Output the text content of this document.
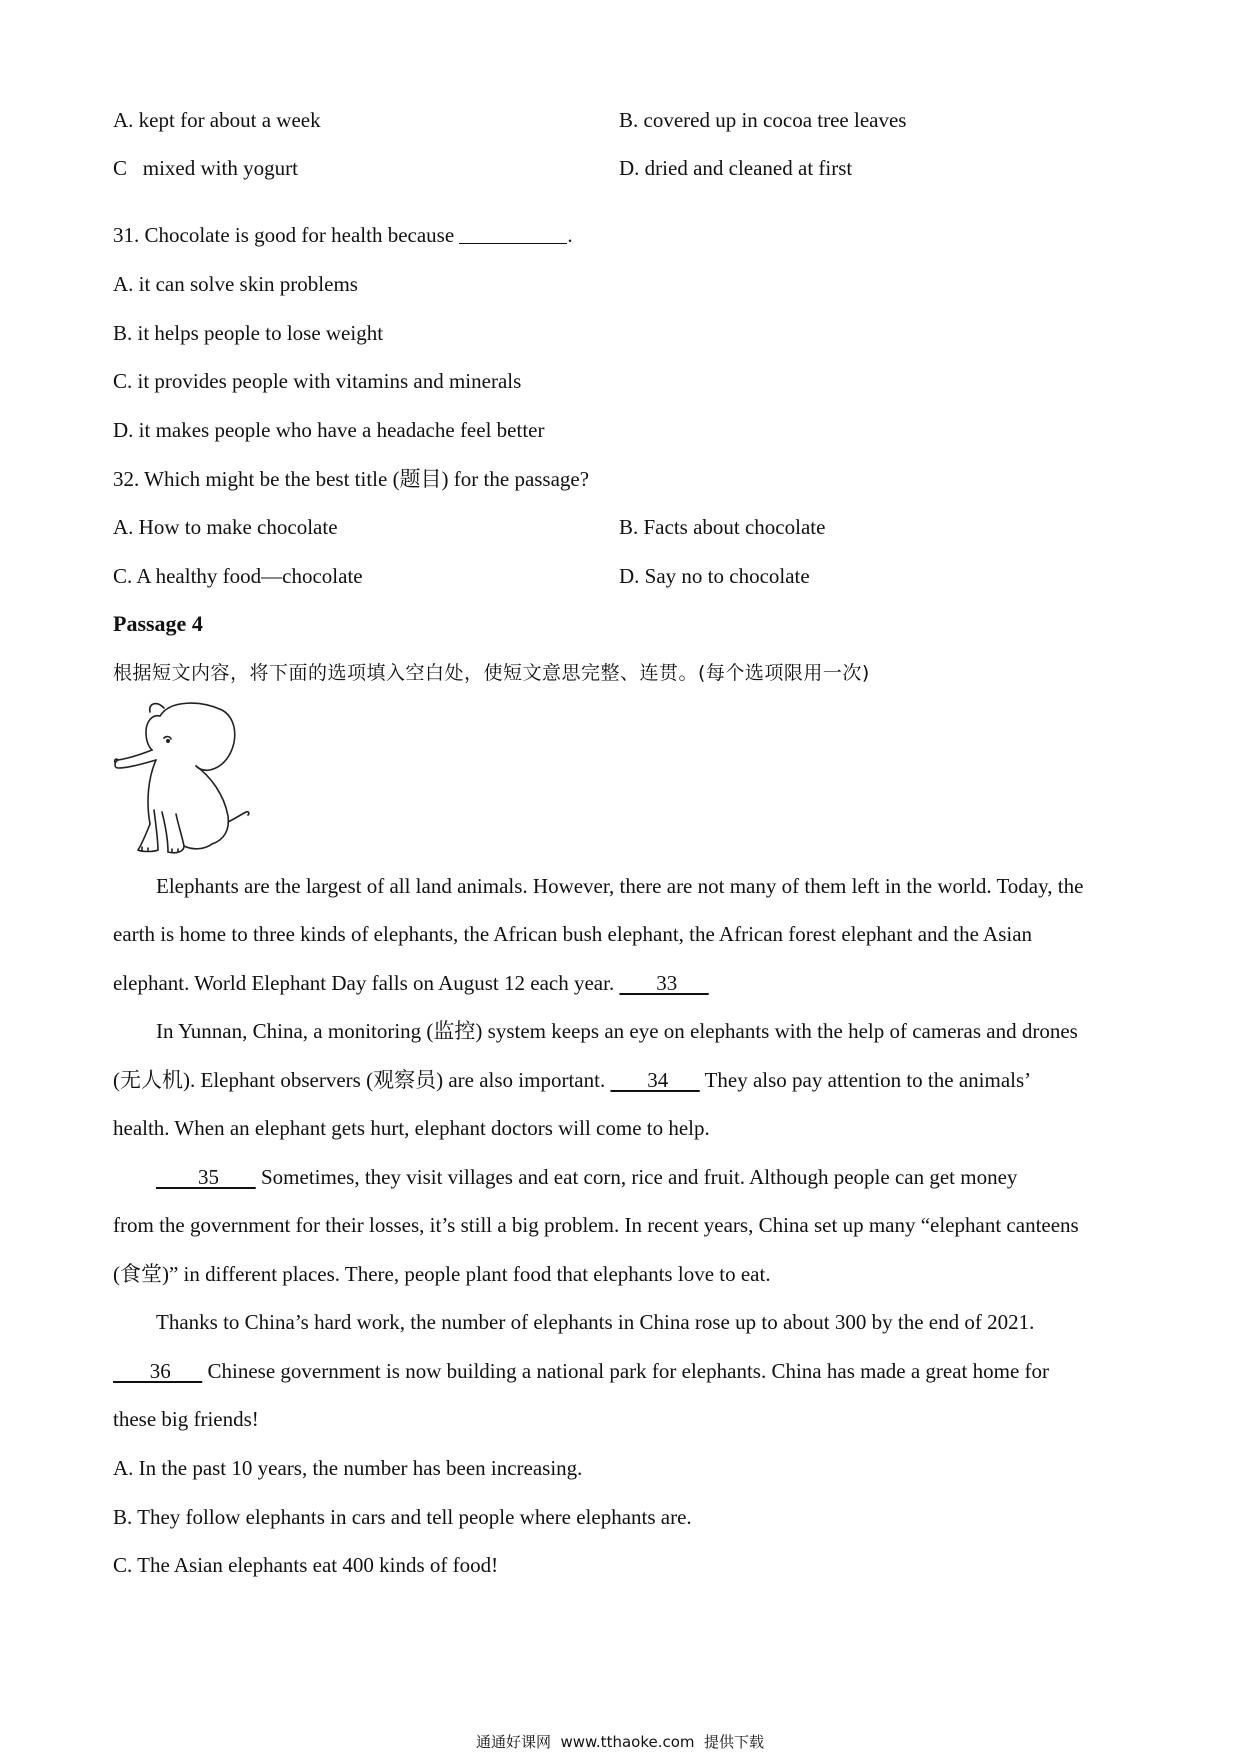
A. kept for about a week	B. covered up in cocoa tree leaves
C   mixed with yogurt	D. dried and cleaned at first
31. Chocolate is good for health because	.
A. it can solve skin problems
B. it helps people to lose weight
C. it provides people with vitamins and minerals
D. it makes people who have a headache feel better
32. Which might be the best title (题目) for the passage?
A. How to make chocolate	B. Facts about chocolate
C. A healthy food—chocolate	D. Say no to chocolate
Passage 4
根据短文内容，将下面的选项填入空白处，使短文意思完整、连贯。(每个选项限用一次)
Elephants are the largest of all land animals. However, there are not many of them left in the world. Today, the
earth is home to three kinds of elephants, the African bush elephant, the African forest elephant and the Asian
elephant. World Elephant Day falls on August 12 each year.        33
In Yunnan, China, a monitoring (监控) system keeps an eye on elephants with the help of cameras and drones
(无人机). Elephant observers (观察员) are also important.        34       They also pay attention to the animals’
health. When an elephant gets hurt, elephant doctors will come to help.
35        Sometimes, they visit villages and eat corn, rice and fruit. Although people can get money
from the government for their losses, it’s still a big problem. In recent years, China set up many “elephant canteens
(食堂)” in different places. There, people plant food that elephants love to eat.
Thanks to China’s hard work, the number of elephants in China rose up to about 300 by the end of 2021.
36       Chinese government is now building a national park for elephants. China has made a great home for
these big friends!
A. In the past 10 years, the number has been increasing.
B. They follow elephants in cars and tell people where elephants are.
C. The Asian elephants eat 400 kinds of food!
通通好课网  www.tthaoke.com  提供下载
